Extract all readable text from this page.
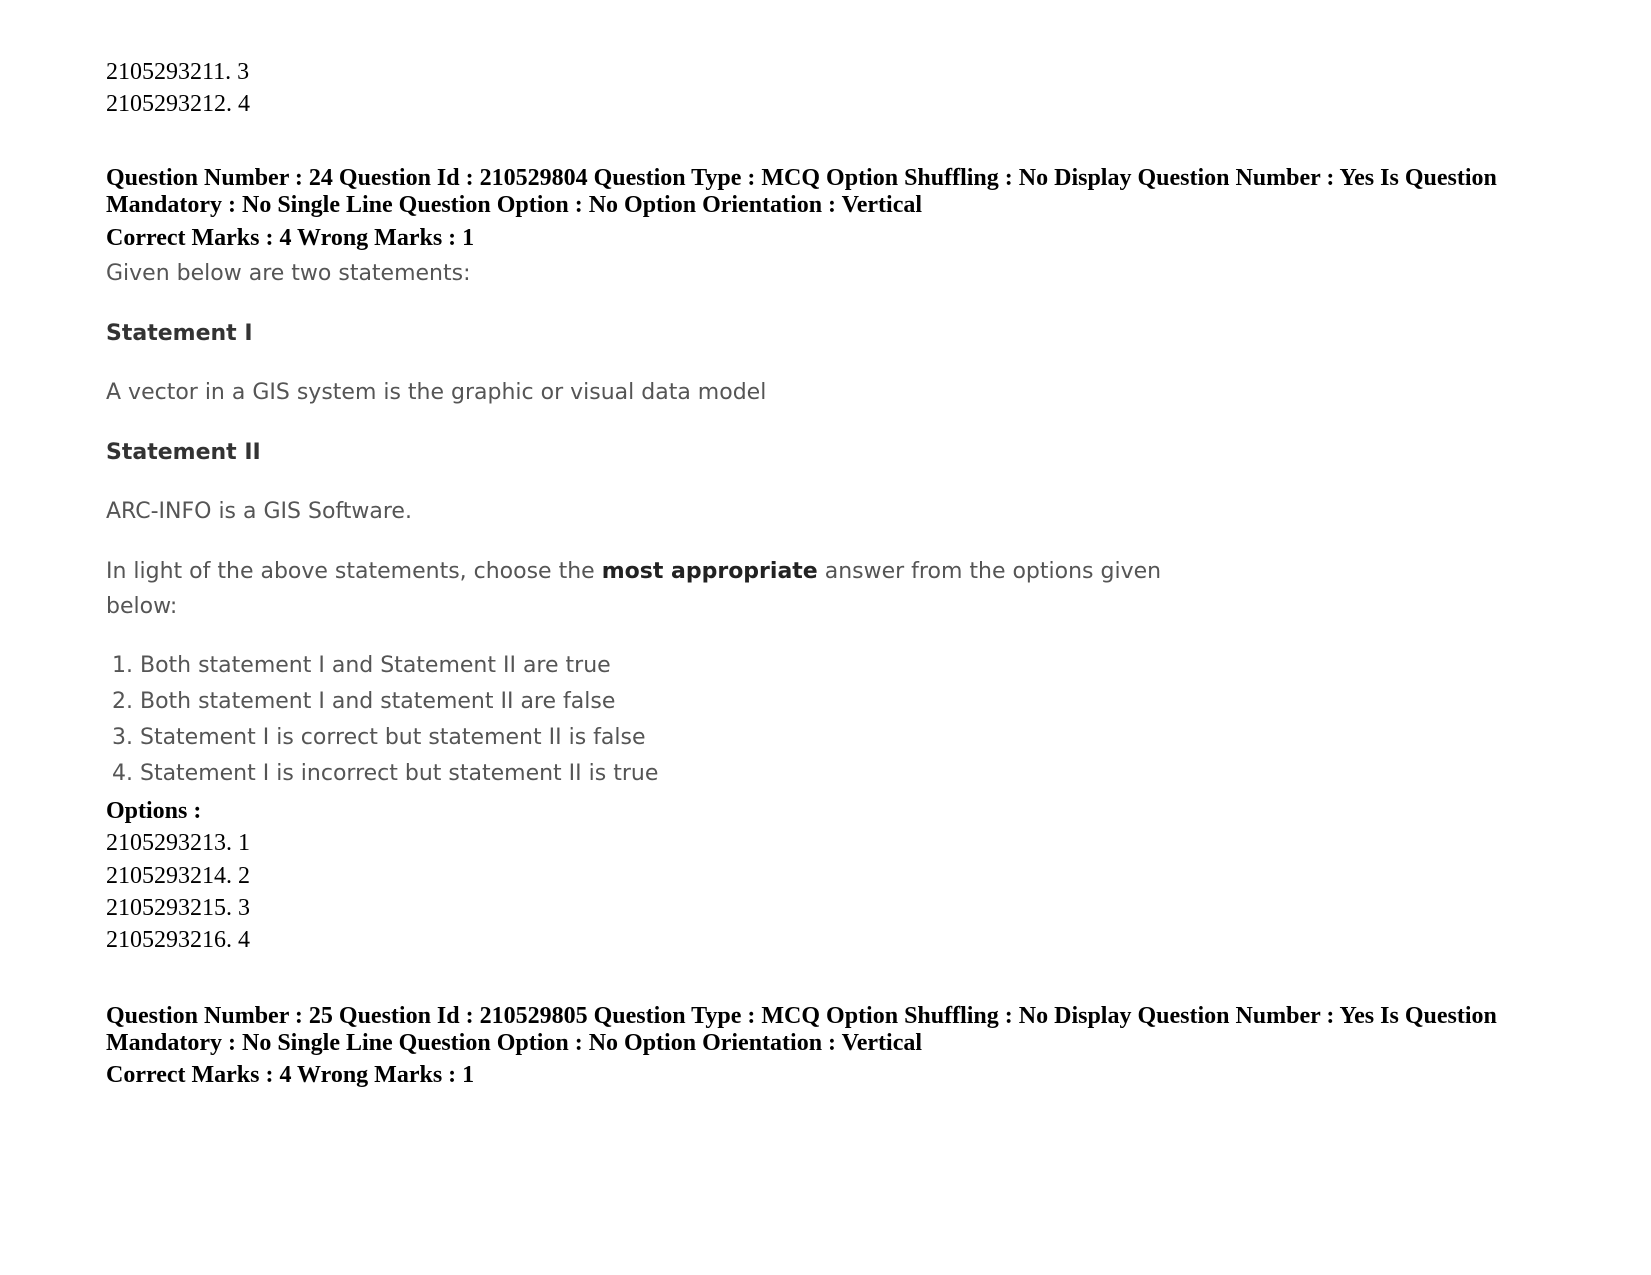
2105293211. 3
2105293212. 4
Question Number : 24 Question Id : 210529804 Question Type : MCQ Option Shuffling : No Display Question Number : Yes Is Question
Mandatory : No Single Line Question Option : No Option Orientation : Vertical
Correct Marks : 4 Wrong Marks : 1
Given below are two statements:
Statement I
A vector in a GIS system is the graphic or visual data model
Statement II
ARC-INFO is a GIS Software.
In light of the above statements, choose the most appropriate answer from the options given
below:
1. Both statement I and Statement II are true
2. Both statement I and statement II are false
3. Statement I is correct but statement II is false
4. Statement I is incorrect but statement II is true
Options :
2105293213. 1
2105293214. 2
2105293215. 3
2105293216. 4
Question Number : 25 Question Id : 210529805 Question Type : MCQ Option Shuffling : No Display Question Number : Yes Is Question
Mandatory : No Single Line Question Option : No Option Orientation : Vertical
Correct Marks : 4 Wrong Marks : 1
